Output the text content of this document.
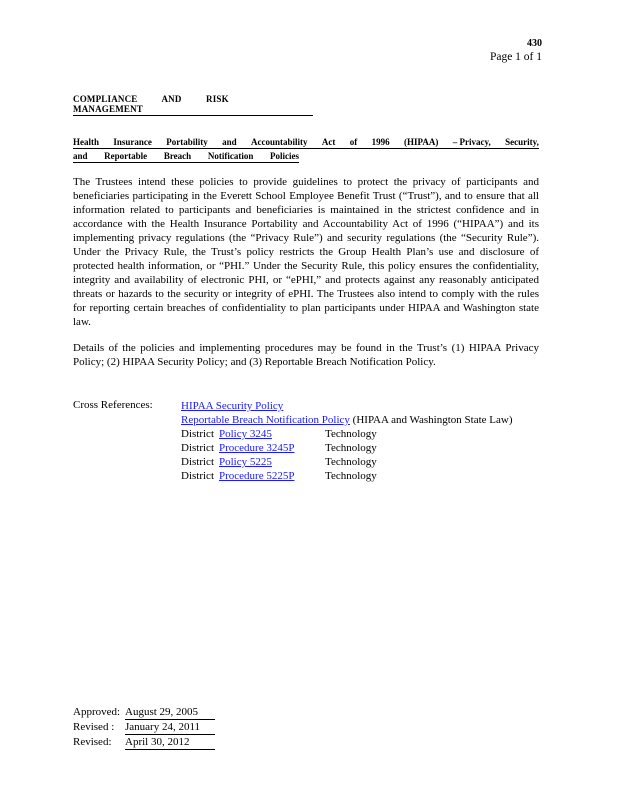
430
Page 1 of 1
COMPLIANCE AND RISK MANAGEMENT
Health Insurance Portability and Accountability Act of 1996 (HIPAA) – Privacy, Security,
and Reportable Breach Notification Policies
The Trustees intend these policies to provide guidelines to protect the privacy of participants and beneficiaries participating in the Everett School Employee Benefit Trust (“Trust”), and to ensure that all information related to participants and beneficiaries is maintained in the strictest confidence and in accordance with the Health Insurance Portability and Accountability Act of 1996 (“HIPAA”) and its implementing privacy regulations (the “Privacy Rule”) and security regulations (the “Security Rule”). Under the Privacy Rule, the Trust’s policy restricts the Group Health Plan’s use and disclosure of protected health information, or “PHI.” Under the Security Rule, this policy ensures the confidentiality, integrity and availability of electronic PHI, or “ePHI,” and protects against any reasonably anticipated threats or hazards to the security or integrity of ePHI. The Trustees also intend to comply with the rules for reporting certain breaches of confidentiality to plan participants under HIPAA and Washington state law.
Details of the policies and implementing procedures may be found in the Trust’s (1) HIPAA Privacy Policy; (2) HIPAA Security Policy; and (3) Reportable Breach Notification Policy.
Cross References:	HIPAA Security Policy
Reportable Breach Notification Policy (HIPAA and Washington State Law)
District Policy 3245	Technology
District Procedure 3245P	Technology
District Policy 5225	Technology
District Procedure 5225P	Technology
Approved: August 29, 2005
Revised : January 24, 2011
Revised: April 30, 2012
